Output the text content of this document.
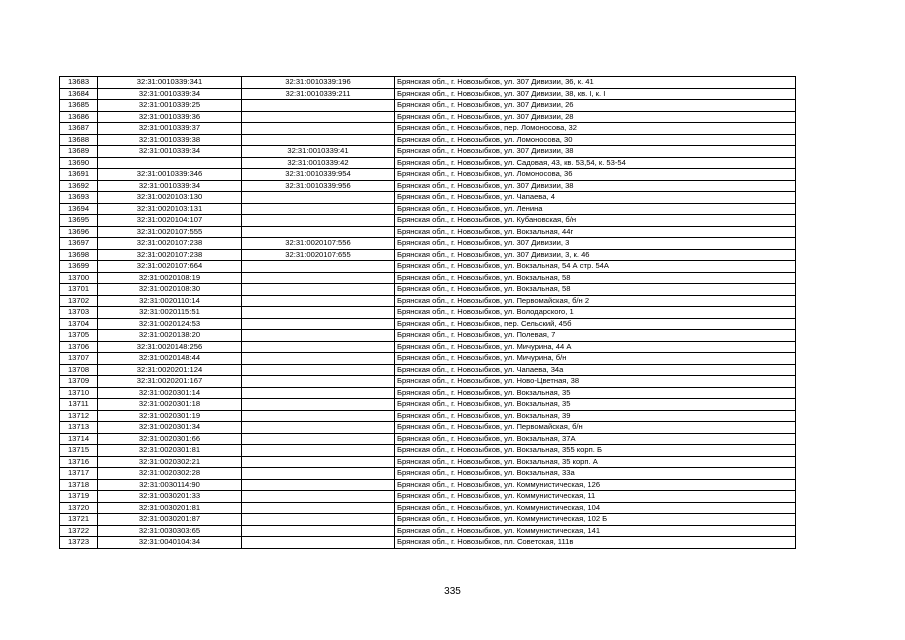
13683	32:31:0010339:341	32:31:0010339:196	Брянская обл., г. Новозыбков, ул. 307 Дивизии, 36, к. 41
13684	32:31:0010339:34	32:31:0010339:211	Брянская обл., г. Новозыбков, ул. 307 Дивизии, 38, кв. I, к. I
13685	32:31:0010339:25		Брянская обл., г. Новозыбков, ул. 307 Дивизии, 26
13686	32:31:0010339:36		Брянская обл., г. Новозыбков, ул. 307 Дивизии, 28
13687	32:31:0010339:37		Брянская обл., г. Новозыбков, пер. Ломоносова, 32
13688	32:31:0010339:38		Брянская обл., г. Новозыбков, ул. Ломоносова, 30
13689	32:31:0010339:34	32:31:0010339:41	Брянская обл., г. Новозыбков, ул. 307 Дивизии, 38
13690		32:31:0010339:42	Брянская обл., г. Новозыбков, ул. Садовая, 43, кв. 53,54, к. 53-54
13691	32:31:0010339:346	32:31:0010339:954	Брянская обл., г. Новозыбков, ул. Ломоносова, 36
13692	32:31:0010339:34	32:31:0010339:956	Брянская обл., г. Новозыбков, ул. 307 Дивизии, 38
13693	32:31:0020103:130		Брянская обл., г. Новозыбков, ул. Чапаева, 4
13694	32:31:0020103:131		Брянская обл., г. Новозыбков, ул. Ленина
13695	32:31:0020104:107		Брянская обл., г. Новозыбков, ул. Кубановская, б/н
13696	32:31:0020107:555		Брянская обл., г. Новозыбков, ул. Вокзальная, 44г
13697	32:31:0020107:238	32:31:0020107:556	Брянская обл., г. Новозыбков, ул. 307 Дивизии, 3
13698	32:31:0020107:238	32:31:0020107:655	Брянская обл., г. Новозыбков, ул. 307 Дивизии, 3, к. 46
13699	32:31:0020107:664		Брянская обл., г. Новозыбков, ул. Вокзальная, 54 А стр. 54А
13700	32:31:0020108:19		Брянская обл., г. Новозыбков, ул. Вокзальная, 58
13701	32:31:0020108:30		Брянская обл., г. Новозыбков, ул. Вокзальная, 58
13702	32:31:0020110:14		Брянская обл., г. Новозыбков, ул. Первомайская, б/н 2
13703	32:31:0020115:51		Брянская обл., г. Новозыбков, ул. Володарского, 1
13704	32:31:0020124:53		Брянская обл., г. Новозыбков, пер. Сельский, 45б
13705	32:31:0020138:20		Брянская обл., г. Новозыбков, ул. Полевая, 7
13706	32:31:0020148:256		Брянская обл., г. Новозыбков, ул. Мичурина, 44 А
13707	32:31:0020148:44		Брянская обл., г. Новозыбков, ул. Мичурина, б/н
13708	32:31:0020201:124		Брянская обл., г. Новозыбков, ул. Чапаева, 34а
13709	32:31:0020201:167		Брянская обл., г. Новозыбков, ул. Ново-Цветная, 38
13710	32:31:0020301:14		Брянская обл., г. Новозыбков, ул. Вокзальная, 35
13711	32:31:0020301:18		Брянская обл., г. Новозыбков, ул. Вокзальная, 35
13712	32:31:0020301:19		Брянская обл., г. Новозыбков, ул. Вокзальная, 39
13713	32:31:0020301:34		Брянская обл., г. Новозыбков, ул. Первомайская, б/н
13714	32:31:0020301:66		Брянская обл., г. Новозыбков, ул. Вокзальная, 37А
13715	32:31:0020301:81		Брянская обл., г. Новозыбков, ул. Вокзальная, 355 корп. Б
13716	32:31:0020302:21		Брянская обл., г. Новозыбков, ул. Вокзальная, 35 корп. А
13717	32:31:0020302:28		Брянская обл., г. Новозыбков, ул. Вокзальная, 33а
13718	32:31:0030114:90		Брянская обл., г. Новозыбков, ул. Коммунистическая, 126
13719	32:31:0030201:33		Брянская обл., г. Новозыбков, ул. Коммунистическая, 11
13720	32:31:0030201:81		Брянская обл., г. Новозыбков, ул. Коммунистическая, 104
13721	32:31:0030201:87		Брянская обл., г. Новозыбков, ул. Коммунистическая, 102 Б
13722	32:31:0030303:65		Брянская обл., г. Новозыбков, ул. Коммунистическая, 141
13723	32:31:0040104:34		Брянская обл., г. Новозыбков, пл. Советская, 111в
335
